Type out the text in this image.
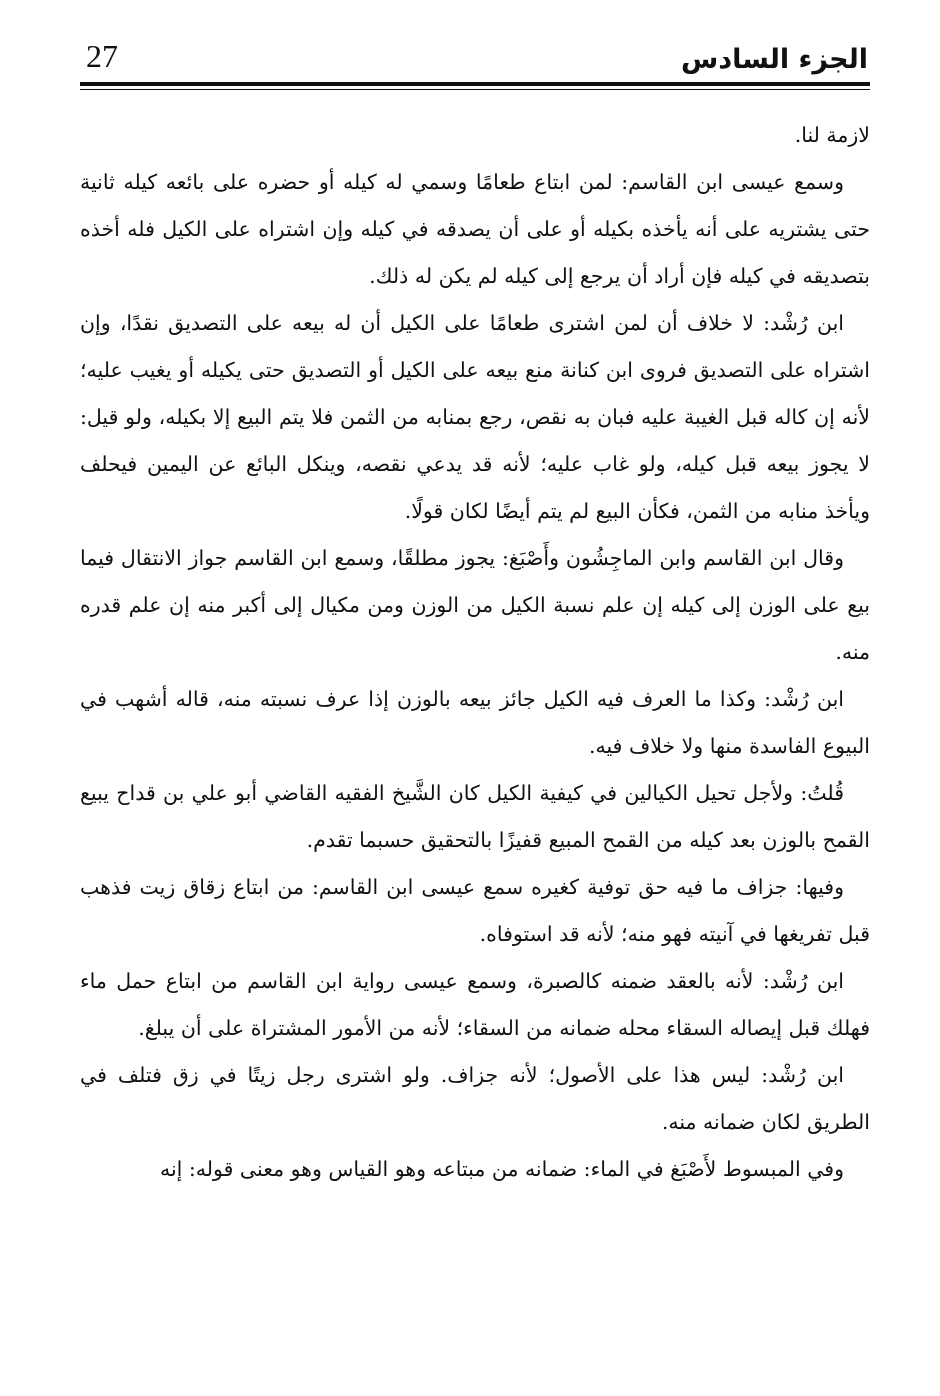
27	الجزء السادس

لازمة لنا.

وسمع عيسى ابن القاسم: لمن ابتاع طعامًا وسمي له كيله أو حضره على بائعه كيله ثانية حتى يشتريه على أنه يأخذه بكيله أو على أن يصدقه في كيله وإن اشتراه على الكيل فله أخذه بتصديقه في كيله فإن أراد أن يرجع إلى كيله لم يكن له ذلك.

ابن رُشْد: لا خلاف أن لمن اشترى طعامًا على الكيل أن له بيعه على التصديق نقدًا، وإن اشتراه على التصديق فروى ابن كنانة منع بيعه على الكيل أو التصديق حتى يكيله أو يغيب عليه؛ لأنه إن كاله قبل الغيبة عليه فبان به نقص، رجع بمنابه من الثمن فلا يتم البيع إلا بكيله، ولو قيل: لا يجوز بيعه قبل كيله، ولو غاب عليه؛ لأنه قد يدعي نقصه، وينكل البائع عن اليمين فيحلف ويأخذ منابه من الثمن، فكأن البيع لم يتم أيضًا لكان قولًا.

وقال ابن القاسم وابن الماجِشُون وأَصْبَغ: يجوز مطلقًا، وسمع ابن القاسم جواز الانتقال فيما بيع على الوزن إلى كيله إن علم نسبة الكيل من الوزن ومن مكيال إلى أكبر منه إن علم قدره منه.

ابن رُشْد: وكذا ما العرف فيه الكيل جائز بيعه بالوزن إذا عرف نسبته منه، قاله أشهب في البيوع الفاسدة منها ولا خلاف فيه.

قُلتُ: ولأجل تحيل الكيالين في كيفية الكيل كان الشَّيخ الفقيه القاضي أبو علي بن قداح يبيع القمح بالوزن بعد كيله من القمح المبيع قفيزًا بالتحقيق حسبما تقدم.

وفيها: جزاف ما فيه حق توفية كغيره سمع عيسى ابن القاسم: من ابتاع زقاق زيت فذهب قبل تفريغها في آنيته فهو منه؛ لأنه قد استوفاه.

ابن رُشْد: لأنه بالعقد ضمنه كالصبرة، وسمع عيسى رواية ابن القاسم من ابتاع حمل ماء فهلك قبل إيصاله السقاء محله ضمانه من السقاء؛ لأنه من الأمور المشتراة على أن يبلغ.

ابن رُشْد: ليس هذا على الأصول؛ لأنه جزاف. ولو اشترى رجل زيتًا في زق فتلف في الطريق لكان ضمانه منه.

وفي المبسوط لأَصْبَغ في الماء: ضمانه من مبتاعه وهو القياس وهو معنى قوله: إنه
